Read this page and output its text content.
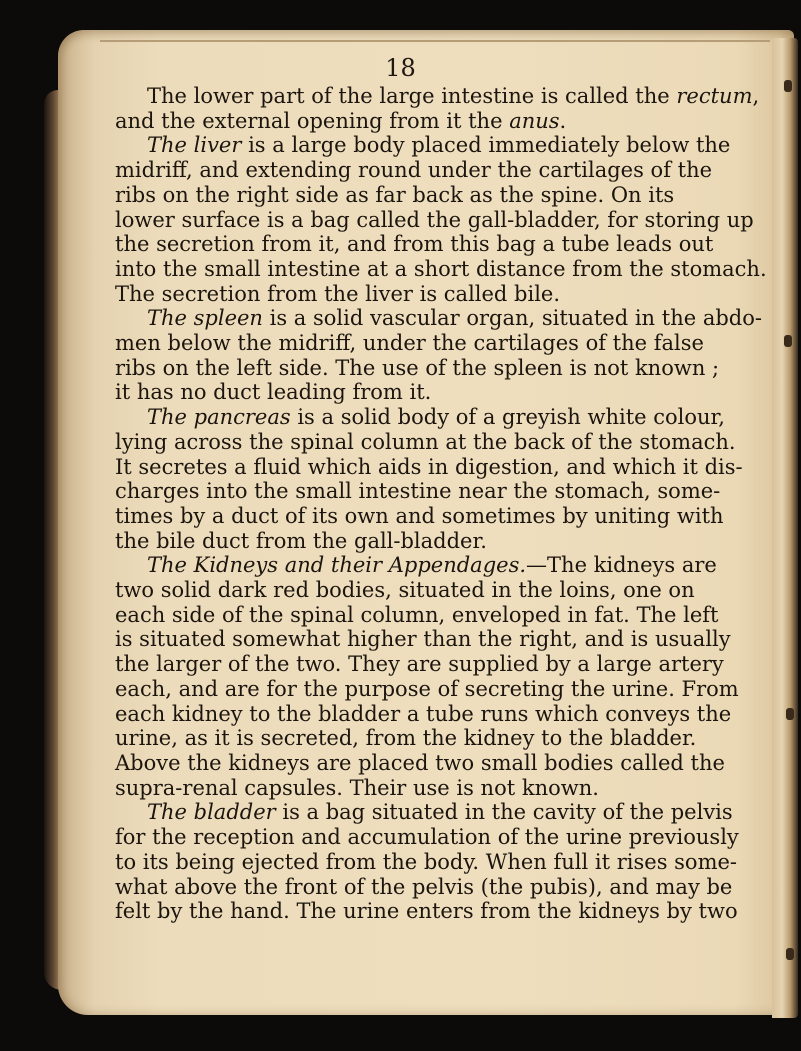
18
The lower part of the large intestine is called the rectum,
and the external opening from it the anus.
The liver is a large body placed immediately below the
midriff, and extending round under the cartilages of the
ribs on the right side as far back as the spine. On its
lower surface is a bag called the gall-bladder, for storing up
the secretion from it, and from this bag a tube leads out
into the small intestine at a short distance from the stomach.
The secretion from the liver is called bile.
The spleen is a solid vascular organ, situated in the abdo-
men below the midriff, under the cartilages of the false
ribs on the left side. The use of the spleen is not known ;
it has no duct leading from it.
The pancreas is a solid body of a greyish white colour,
lying across the spinal column at the back of the stomach.
It secretes a fluid which aids in digestion, and which it dis-
charges into the small intestine near the stomach, some-
times by a duct of its own and sometimes by uniting with
the bile duct from the gall-bladder.
The Kidneys and their Appendages.—The kidneys are
two solid dark red bodies, situated in the loins, one on
each side of the spinal column, enveloped in fat. The left
is situated somewhat higher than the right, and is usually
the larger of the two. They are supplied by a large artery
each, and are for the purpose of secreting the urine. From
each kidney to the bladder a tube runs which conveys the
urine, as it is secreted, from the kidney to the bladder.
Above the kidneys are placed two small bodies called the
supra-renal capsules. Their use is not known.
The bladder is a bag situated in the cavity of the pelvis
for the reception and accumulation of the urine previously
to its being ejected from the body. When full it rises some-
what above the front of the pelvis (the pubis), and may be
felt by the hand. The urine enters from the kidneys by two
